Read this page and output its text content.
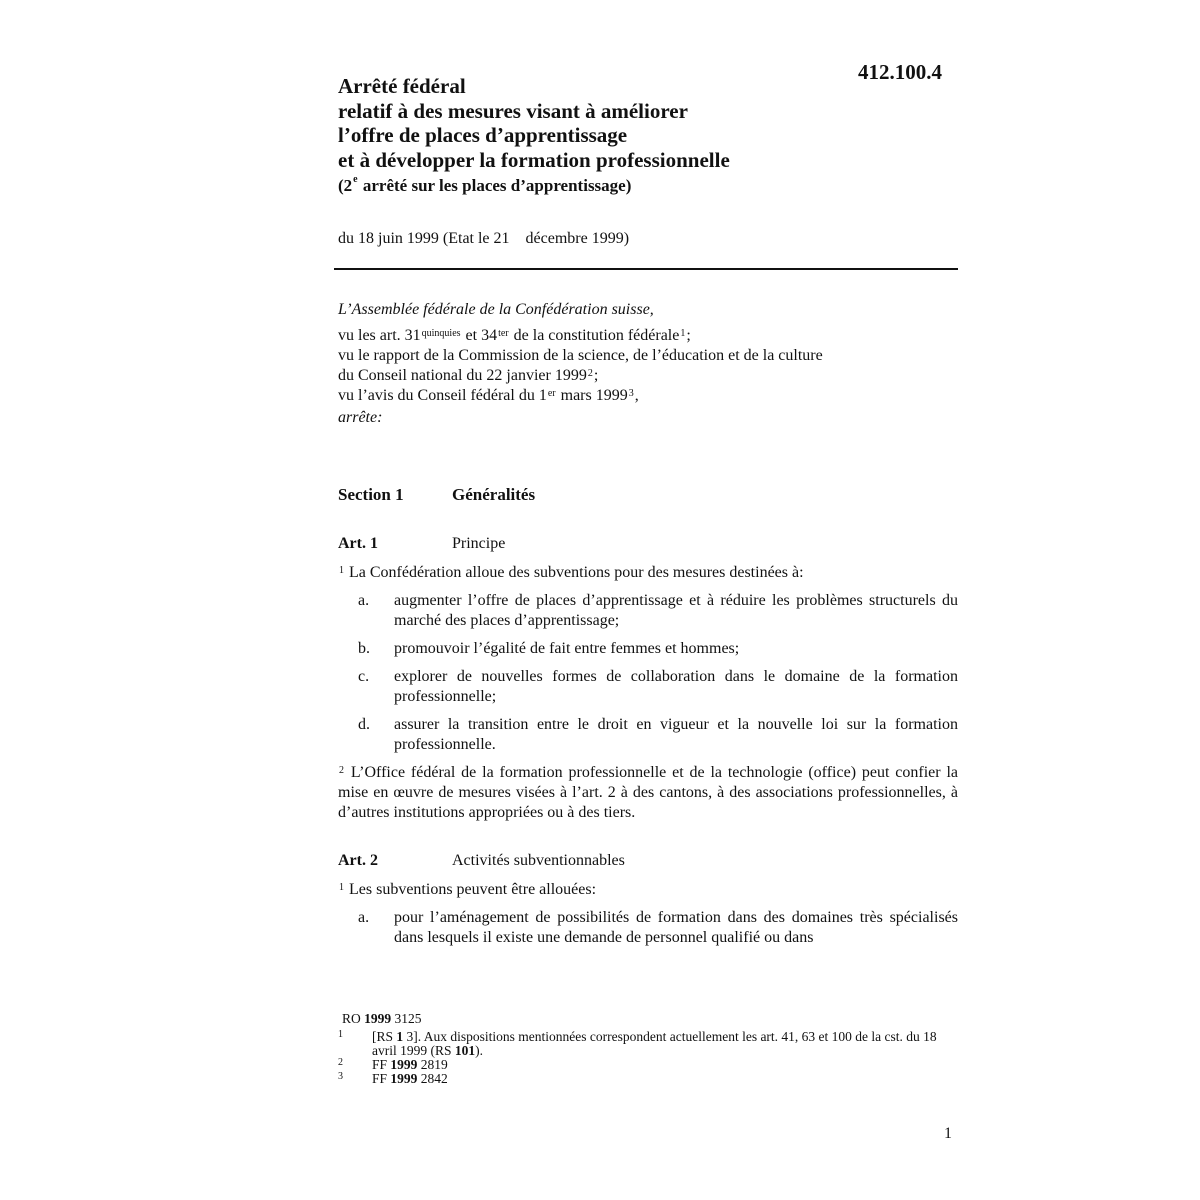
412.100.4
Arrêté fédéral
relatif à des mesures visant à améliorer
l’offre de places d’apprentissage
et à développer la formation professionnelle
(2e arrêté sur les places d’apprentissage)
du 18 juin 1999 (Etat le 21    décembre 1999)
L’Assemblée fédérale de la Confédération suisse,
vu les art. $31^{quinquies}$ et $34^{ter}$ de la constitution fédérale$^1$;
vu le rapport de la Commission de la science, de l’éducation et de la culture
du Conseil national du 22 janvier 1999$^2$;
vu l’avis du Conseil fédéral du 1er mars 1999$^3$,
arrête:
Section 1	Généralités
Art. 1	Principe
$^1$ La Confédération alloue des subventions pour des mesures destinées à:
a.	augmenter l’offre de places d’apprentissage et à réduire les problèmes structurels du marché des places d’apprentissage;
b.	promouvoir l’égalité de fait entre femmes et hommes;
c.	explorer de nouvelles formes de collaboration dans le domaine de la formation professionnelle;
d.	assurer la transition entre le droit en vigueur et la nouvelle loi sur la formation professionnelle.
$^2$ L’Office fédéral de la formation professionnelle et de la technologie (office) peut confier la mise en œuvre de mesures visées à l’art. 2 à des cantons, à des associations professionnelles, à d’autres institutions appropriées ou à des tiers.
Art. 2	Activités subventionnables
$^1$ Les subventions peuvent être allouées:
a.	pour l’aménagement de possibilités de formation dans des domaines très spécialisés dans lesquels il existe une demande de personnel qualifié ou dans
RO 1999 3125
1 [RS 1 3]. Aux dispositions mentionnées correspondent actuellement les art. 41, 63 et 100 de la cst. du 18 avril 1999 (RS 101).
2 FF 1999 2819
3 FF 1999 2842
1
